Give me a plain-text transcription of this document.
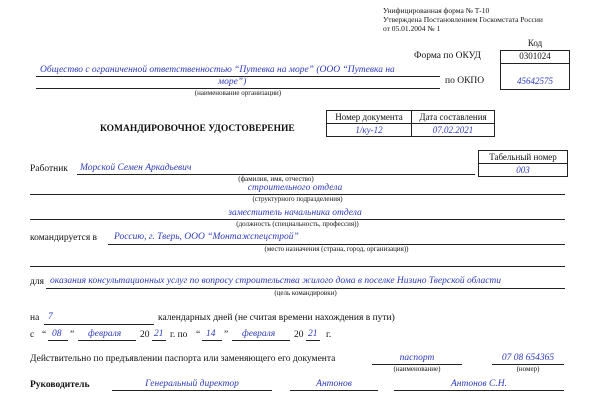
Унифицированная форма № Т-10
Утверждена Постановлением Госкомстата России
от 05.01.2004 № 1
Код
Форма по ОКУД	0301024
по ОКПО	45642575
Общество с ограниченной ответственностью “Путевка на море” (ООО “Путевка на
море”)
(наименование организации)
КОМАНДИРОВОЧНОЕ УДОСТОВЕРЕНИЕ
Номер документа	Дата составления
1/ку-12	07.02.2021
Табельный номер
003
Работник Морской Семен Аркадьевич
(фамилия, имя, отчество)
строительного отдела
(структурного подразделения)
заместитель начальника отдела
(должность (специальность, профессия))
командируется в Россию, г. Тверь, ООО “Монтажспецстрой”
(место назначения (страна, город, организация))
для оказания консультационных услуг по вопросу строительства жилого дома в поселке Низино Тверской области
(цель командировки)
на 7	календарных дней (не считая времени нахождения в пути)
с “ 08 ” февраля 20 21 г. по “ 14 ” февраля 20 21 г.
Действительно по предъявлении паспорта или заменяющего его документа	паспорт
(наименование)
07 08 654365
(номер)
Руководитель	Генеральный директор	Антонов	Антонов С.Н.
